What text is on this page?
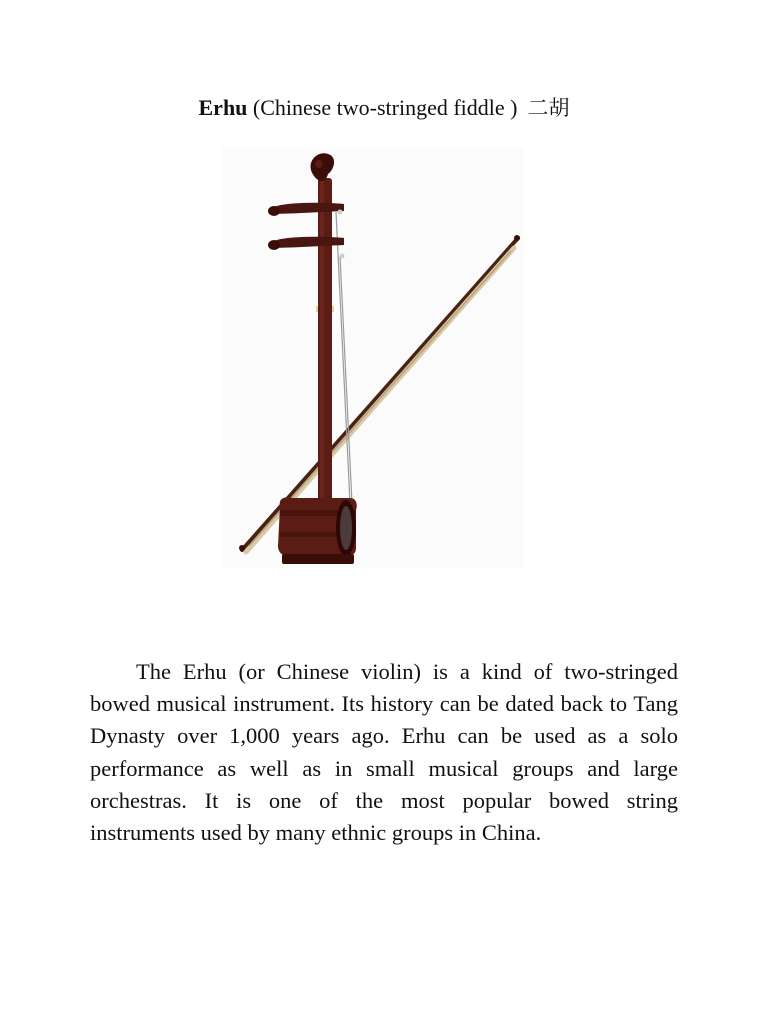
Erhu (Chinese two-stringed fiddle ) 二胡

The Erhu (or Chinese violin) is a kind of two-stringed bowed musical instrument. Its history can be dated back to Tang Dynasty over 1,000 years ago. Erhu can be used as a solo performance as well as in small musical groups and large orchestras. It is one of the most popular bowed string instruments used by many ethnic groups in China.
